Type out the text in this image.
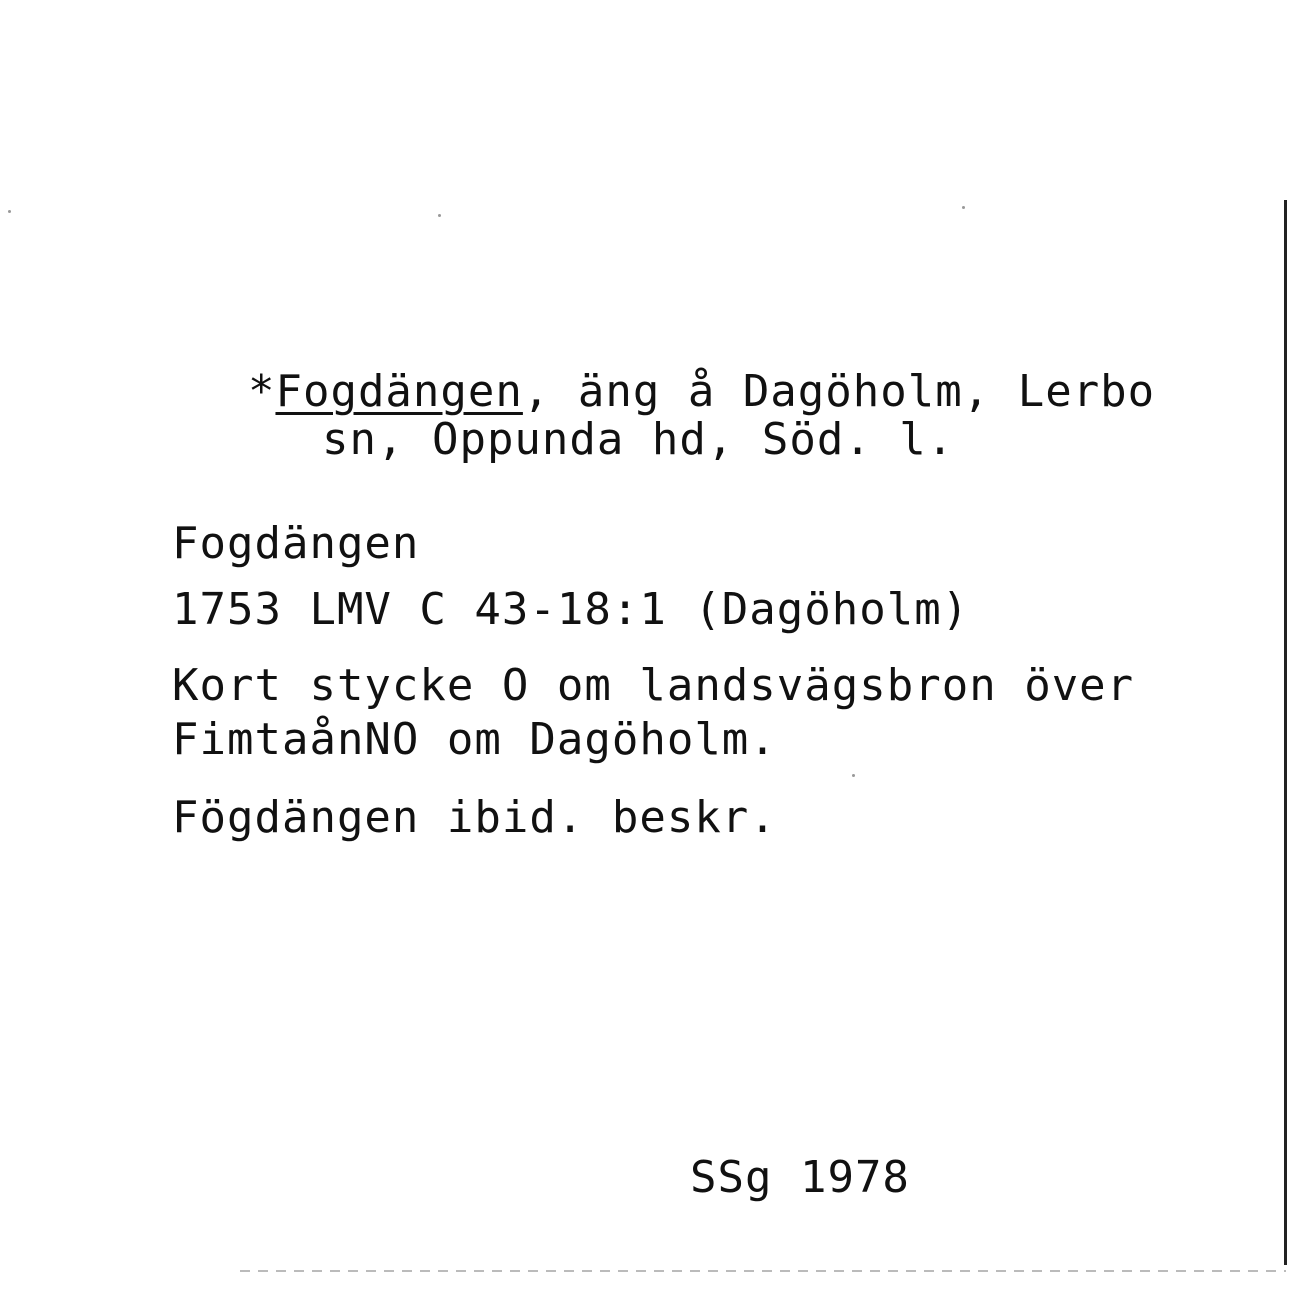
*Fogdängen, äng å Dagöholm, Lerbo

sn, Oppunda hd, Söd. l.
Fogdängen
1753 LMV C 43-18:1 (Dagöholm)
Kort stycke O om landsvägsbron över
FimtaånNO om Dagöholm.
Fögdängen ibid. beskr.
SSg 1978
